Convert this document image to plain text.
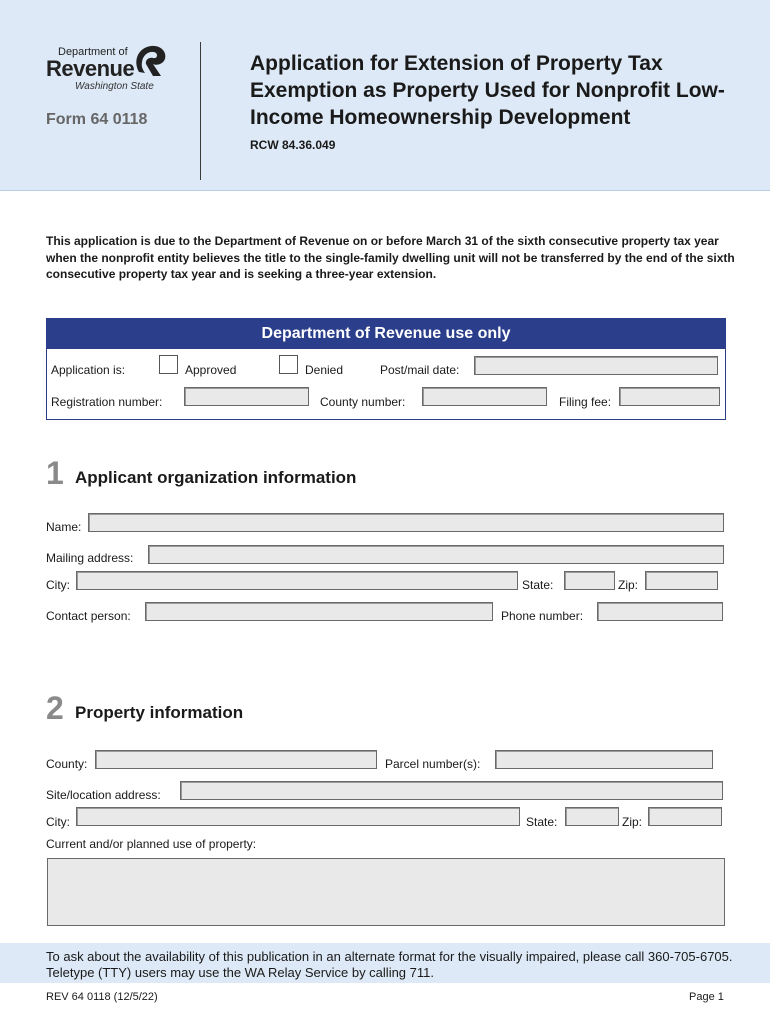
Department of
Revenue
Washington State
Form 64 0118
Application for Extension of Property Tax Exemption as Property Used for Nonprofit Low-Income Homeownership Development
RCW 84.36.049
This application is due to the Department of Revenue on or before March 31 of the sixth consecutive property tax year when the nonprofit entity believes the title to the single-family dwelling unit will not be transferred by the end of the sixth consecutive property tax year and is seeking a three-year extension.
Department of Revenue use only
Application is:	Approved	Denied	Post/mail date:
Registration number:	County number:	Filing fee:
1 Applicant organization information
Name:
Mailing address:
City:	State:	Zip:
Contact person:	Phone number:
2 Property information
County:	Parcel number(s):
Site/location address:
City:	State:	Zip:
Current and/or planned use of property:
To ask about the availability of this publication in an alternate format for the visually impaired, please call 360-705-6705. Teletype (TTY) users may use the WA Relay Service by calling 711.
REV 64 0118 (12/5/22)	Page 1
